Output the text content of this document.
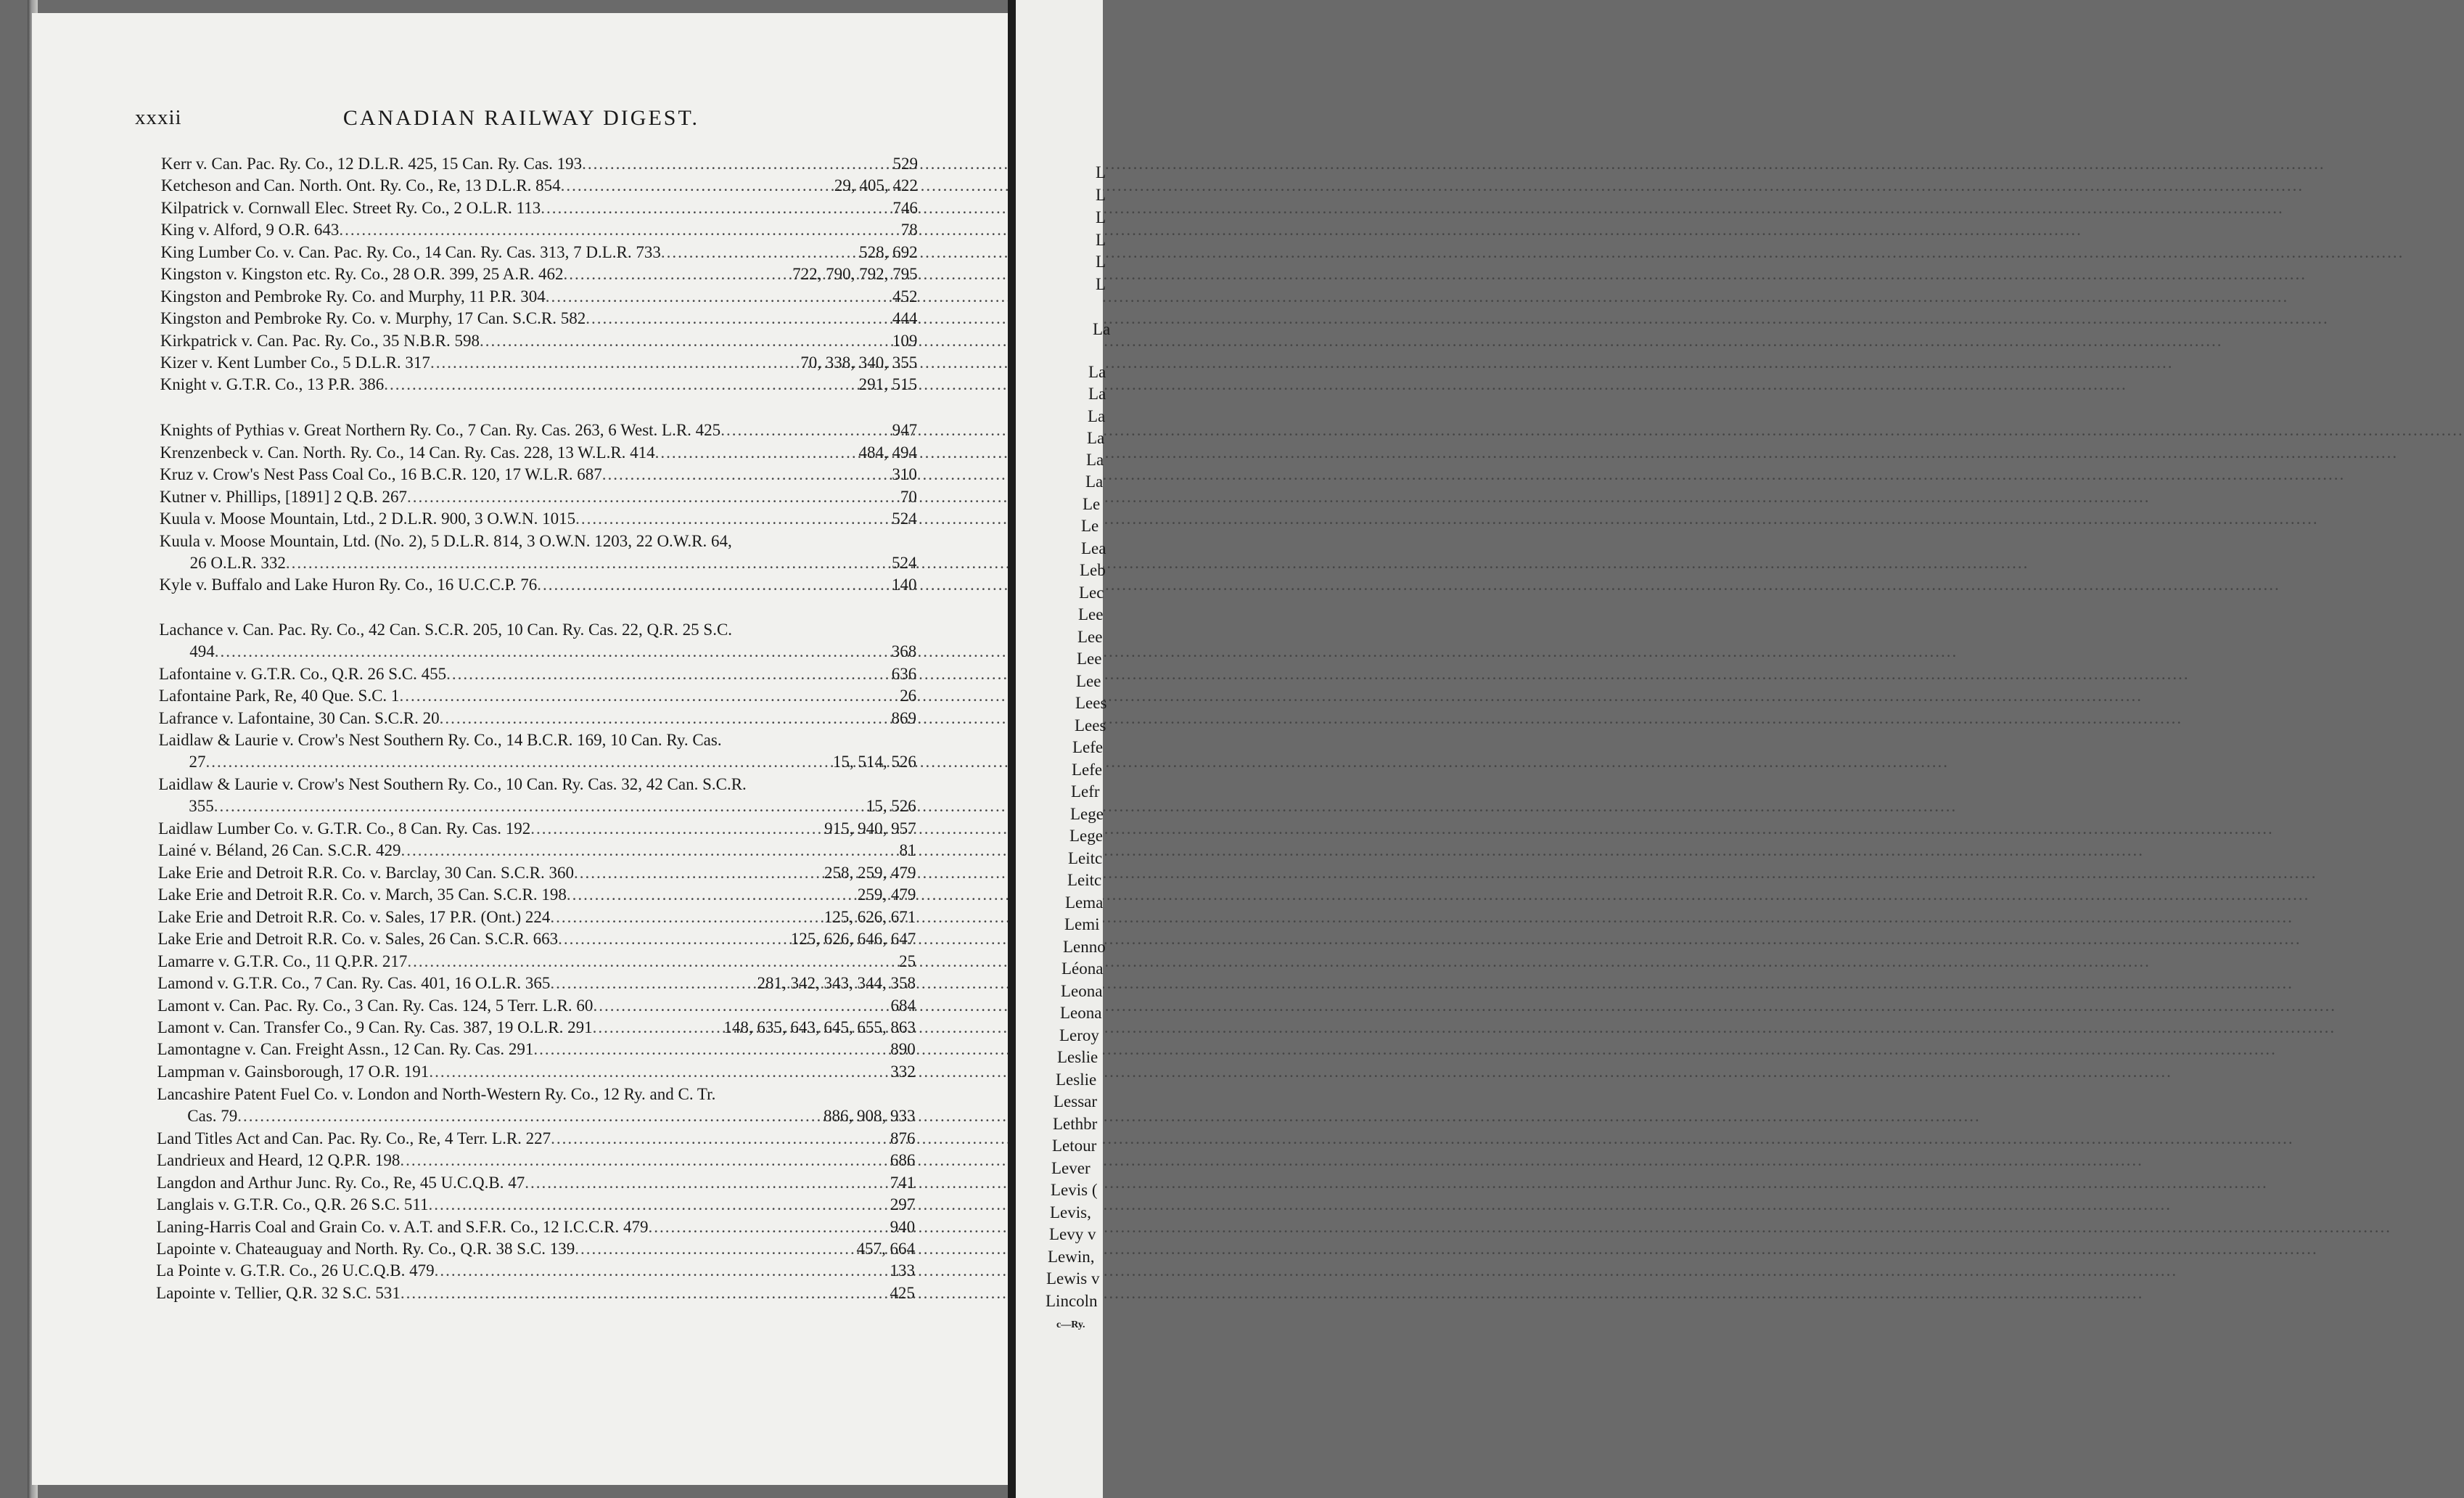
Kerr v. Can. Pac. Ry. Co., 12 D.L.R. 425, 15 Can. Ry. Cas. 193 .....	529
Ketcheson and Can. North. Ont. Ry. Co., Re, 13 D.L.R. 854 .....	29, 405, 422
Kilpatrick v. Cornwall Elec. Street Ry. Co., 2 O.L.R. 113 .....	746
King v. Alford, 9 O.R. 643 .....	78
King Lumber Co. v. Can. Pac. Ry. Co., 14 Can. Ry. Cas. 313, 7 D.L.R. 733 .....	528, 692
Kingston v. Kingston etc. Ry. Co., 28 O.R. 399, 25 A.R. 462 .....	722, 790, 792, 795
Kingston and Pembroke Ry. Co. and Murphy, 11 P.R. 304 .....	452
Kingston and Pembroke Ry. Co. v. Murphy, 17 Can. S.C.R. 582 .....	444
Kirkpatrick v. Can. Pac. Ry. Co., 35 N.B.R. 598 .....	109
Kizer v. Kent Lumber Co., 5 D.L.R. 317 .....	70, 338, 340, 355
Knight v. G.T.R. Co., 13 P.R. 386 .....	291, 515
Knights of Pythias v. Great Northern Ry. Co., 7 Can. Ry. Cas. 263, 6 West. L.R. 425 .....	947
Krenzenbeck v. Can. North. Ry. Co., 14 Can. Ry. Cas. 228, 13 W.L.R. 414 .....	484, 494
Kruz v. Crow's Nest Pass Coal Co., 16 B.C.R. 120, 17 W.L.R. 687 .....	310
Kutner v. Phillips, [1891] 2 Q.B. 267 .....	70
Kuula v. Moose Mountain, Ltd., 2 D.L.R. 900, 3 O.W.N. 1015 .....	524
Kuula v. Moose Mountain, Ltd. (No. 2), 5 D.L.R. 814, 3 O.W.N. 1203, 22 O.W.R. 64,
26 O.L.R. 332 .....	524
Kyle v. Buffalo and Lake Huron Ry. Co., 16 U.C.C.P. 76 .....	140
Lachance v. Can. Pac. Ry. Co., 42 Can. S.C.R. 205, 10 Can. Ry. Cas. 22, Q.R. 25 S.C.
494 .....	368
Lafontaine v. G.T.R. Co., Q.R. 26 S.C. 455 .....	636
Lafontaine Park, Re, 40 Que. S.C. 1 .....	26
Lafrance v. Lafontaine, 30 Can. S.C.R. 20 .....	869
Laidlaw & Laurie v. Crow's Nest Southern Ry. Co., 14 B.C.R. 169, 10 Can. Ry. Cas.
27 .....	15, 514, 526
Laidlaw & Laurie v. Crow's Nest Southern Ry. Co., 10 Can. Ry. Cas. 32, 42 Can. S.C.R.
355 .....	15, 526
Laidlaw Lumber Co. v. G.T.R. Co., 8 Can. Ry. Cas. 192 .....	915, 940, 957
Lainé v. Béland, 26 Can. S.C.R. 429 .....	81
Lake Erie and Detroit R.R. Co. v. Barclay, 30 Can. S.C.R. 360 .....	258, 259, 479
Lake Erie and Detroit R.R. Co. v. March, 35 Can. S.C.R. 198 .....	259, 479
Lake Erie and Detroit R.R. Co. v. Sales, 17 P.R. (Ont.) 224 .....	125, 626, 671
Lake Erie and Detroit R.R. Co. v. Sales, 26 Can. S.C.R. 663 .....	125, 626, 646, 647
Lamarre v. G.T.R. Co., 11 Q.P.R. 217 .....	25
Lamond v. G.T.R. Co., 7 Can. Ry. Cas. 401, 16 O.L.R. 365 .....	281, 342, 343, 344, 358
Lamont v. Can. Pac. Ry. Co., 3 Can. Ry. Cas. 124, 5 Terr. L.R. 60 .....	684
Lamont v. Can. Transfer Co., 9 Can. Ry. Cas. 387, 19 O.L.R. 291 .....	148, 635, 643, 645, 655, 863
Lamontagne v. Can. Freight Assn., 12 Can. Ry. Cas. 291 .....	890
Lampman v. Gainsborough, 17 O.R. 191 .....	332
Lancashire Patent Fuel Co. v. London and North-Western Ry. Co., 12 Ry. and C. Tr.
Cas. 79 .....	886, 908, 933
Land Titles Act and Can. Pac. Ry. Co., Re, 4 Terr. L.R. 227 .....	876
Landrieux and Heard, 12 Q.P.R. 198 .....	686
Langdon and Arthur Junc. Ry. Co., Re, 45 U.C.Q.B. 47 .....	741
Langlais v. G.T.R. Co., Q.R. 26 S.C. 511 .....	297
Laning-Harris Coal and Grain Co. v. A.T. and S.F.R. Co., 12 I.C.C.R. 479 .....	940
Lapointe v. Chateauguay and North. Ry. Co., Q.R. 38 S.C. 139 .....	457, 664
La Pointe v. G.T.R. Co., 26 U.C.Q.B. 479 .....	133
Lapointe v. Tellier, Q.R. 32 S.C. 531 .....	425
xxxii	CANADIAN RAILWAY DIGEST.
L
L
L
L
L
L
La
La
La
La
La
La
La
Le
Le
Lea
Leb
Lec
Lee
Lee
Lee
Lee
Lees
Lees
Lefe
Lefe
Lefr
Lege
Lege
Leitc
Leitc
Lema
Lemi
Lenno
Léona
Leona
Leona
Leroy
Leslie
Leslie
Lessar
Lethbr
Letour
Lever
Levis (
Levis,
Levy v
Lewin,
Lewis v
Lincoln
c—Ry.
